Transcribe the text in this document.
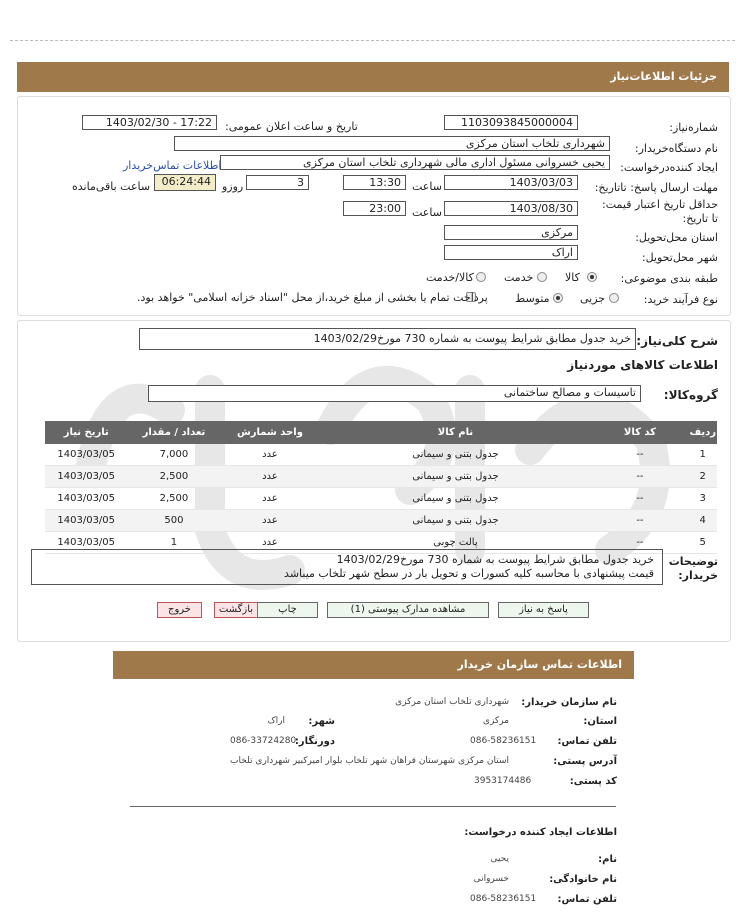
جزئیات اطلاعات‌نیاز
شماره‌نیاز:
1103093845000004
تاریخ و ساعت اعلان عمومی:
1403/02/30 - 17:22
نام دستگاه‌خریدار:
شهرداری تلخاب استان مرکزی
ایجاد کننده‌درخواست:
یحیی خسروانی مسئول اداری مالی شهرداری تلخاب استان مرکزی
اطلاعات تماس‌خریدار
مهلت ارسال پاسخ: تاتاریخ:
1403/03/03
ساعت
13:30
3
روزو
06:24:44
ساعت باقی‌مانده
حداقل تاریخ اعتبار قیمت: تا تاریخ:
1403/08/30
ساعت
23:00
استان محل‌تحویل:
مرکزی
شهر محل‌تحویل:
اراک
طبقه بندی موضوعی:
کالا
خدمت
کالا/خدمت
نوع فرآیند خرید:
جزیی
متوسط
پرداخت تمام یا بخشی از مبلغ خرید،از محل "اسناد خزانه اسلامی" خواهد بود.
شرح کلی‌نیاز:
خرید جدول مطابق شرایط پیوست به شماره 730 مورخ1403/02/29
اطلاعات کالاهای موردنیاز
گروه‌کالا:
تاسیسات و مصالح ساختمانی
ردیف	کد کالا	نام کالا	واحد شمارش	تعداد / مقدار	تاریخ نیاز
1	--	جدول بتنی و سیمانی	عدد	7,000	1403/03/05
2	--	جدول بتنی و سیمانی	عدد	2,500	1403/03/05
3	--	جدول بتنی و سیمانی	عدد	2,500	1403/03/05
4	--	جدول بتنی و سیمانی	عدد	500	1403/03/05
5	--	پالت چوبی	عدد	1	1403/03/05
توضیحات خریدار:
خرید جدول مطابق شرایط پیوست به شماره 730 مورخ1403/02/29
قیمت پیشنهادی با محاسبه کلیه کسورات و تحویل بار در سطح شهر تلخاب میباشد
پاسخ به نیاز
مشاهده مدارک پیوستی (1)
چاپ
بازگشت
خروج
اطلاعات تماس سازمان خریدار
نام سازمان خریدار:
شهرداری تلخاب استان مرکزی
استان:
مرکزی
شهر:
اراک
تلفن تماس:
086-58236151
دورنگار:
086-33724280
آدرس پستی:
استان مرکزی شهرستان فراهان شهر تلخاب بلوار امیرکبیر شهرداری تلخاب
کد پستی:
3953174486
اطلاعات ایجاد کننده درخواست:
نام:
یحیی
نام خانوادگی:
خسروانی
تلفن تماس:
086-58236151
